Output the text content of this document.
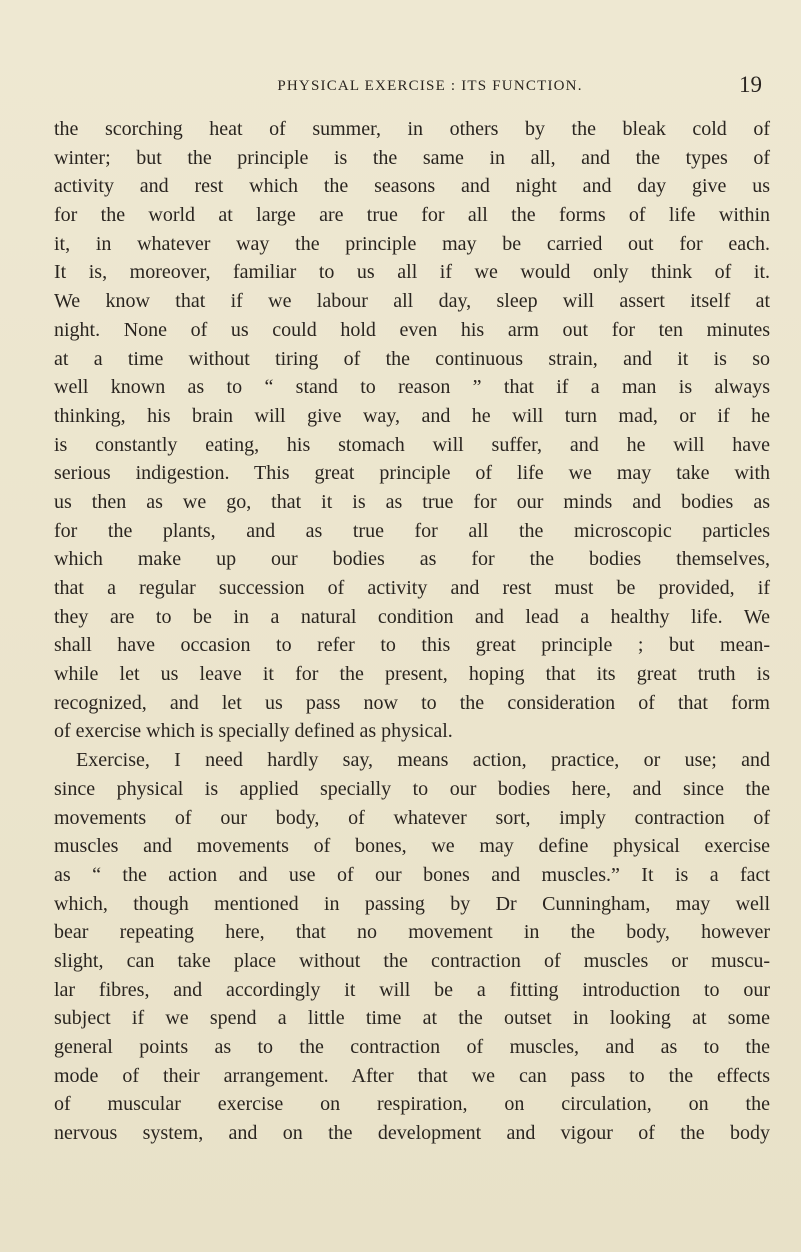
PHYSICAL EXERCISE : ITS FUNCTION.	19
the scorching heat of summer, in others by the bleak cold of
winter; but the principle is the same in all, and the types of
activity and rest which the seasons and night and day give us
for the world at large are true for all the forms of life within
it, in whatever way the principle may be carried out for each.
It is, moreover, familiar to us all if we would only think of it.
We know that if we labour all day, sleep will assert itself at
night. None of us could hold even his arm out for ten minutes
at a time without tiring of the continuous strain, and it is so
well known as to “ stand to reason ” that if a man is always
thinking, his brain will give way, and he will turn mad, or if he
is constantly eating, his stomach will suffer, and he will have
serious indigestion. This great principle of life we may take with
us then as we go, that it is as true for our minds and bodies as
for the plants, and as true for all the microscopic particles
which make up our bodies as for the bodies themselves,
that a regular succession of activity and rest must be provided, if
they are to be in a natural condition and lead a healthy life. We
shall have occasion to refer to this great principle ; but mean-
while let us leave it for the present, hoping that its great truth is
recognized, and let us pass now to the consideration of that form
of exercise which is specially defined as physical.
Exercise, I need hardly say, means action, practice, or use; and
since physical is applied specially to our bodies here, and since the
movements of our body, of whatever sort, imply contraction of
muscles and movements of bones, we may define physical exercise
as “ the action and use of our bones and muscles.” It is a fact
which, though mentioned in passing by Dr Cunningham, may well
bear repeating here, that no movement in the body, however
slight, can take place without the contraction of muscles or muscu-
lar fibres, and accordingly it will be a fitting introduction to our
subject if we spend a little time at the outset in looking at some
general points as to the contraction of muscles, and as to the
mode of their arrangement. After that we can pass to the effects
of muscular exercise on respiration, on circulation, on the
nervous system, and on the development and vigour of the body
